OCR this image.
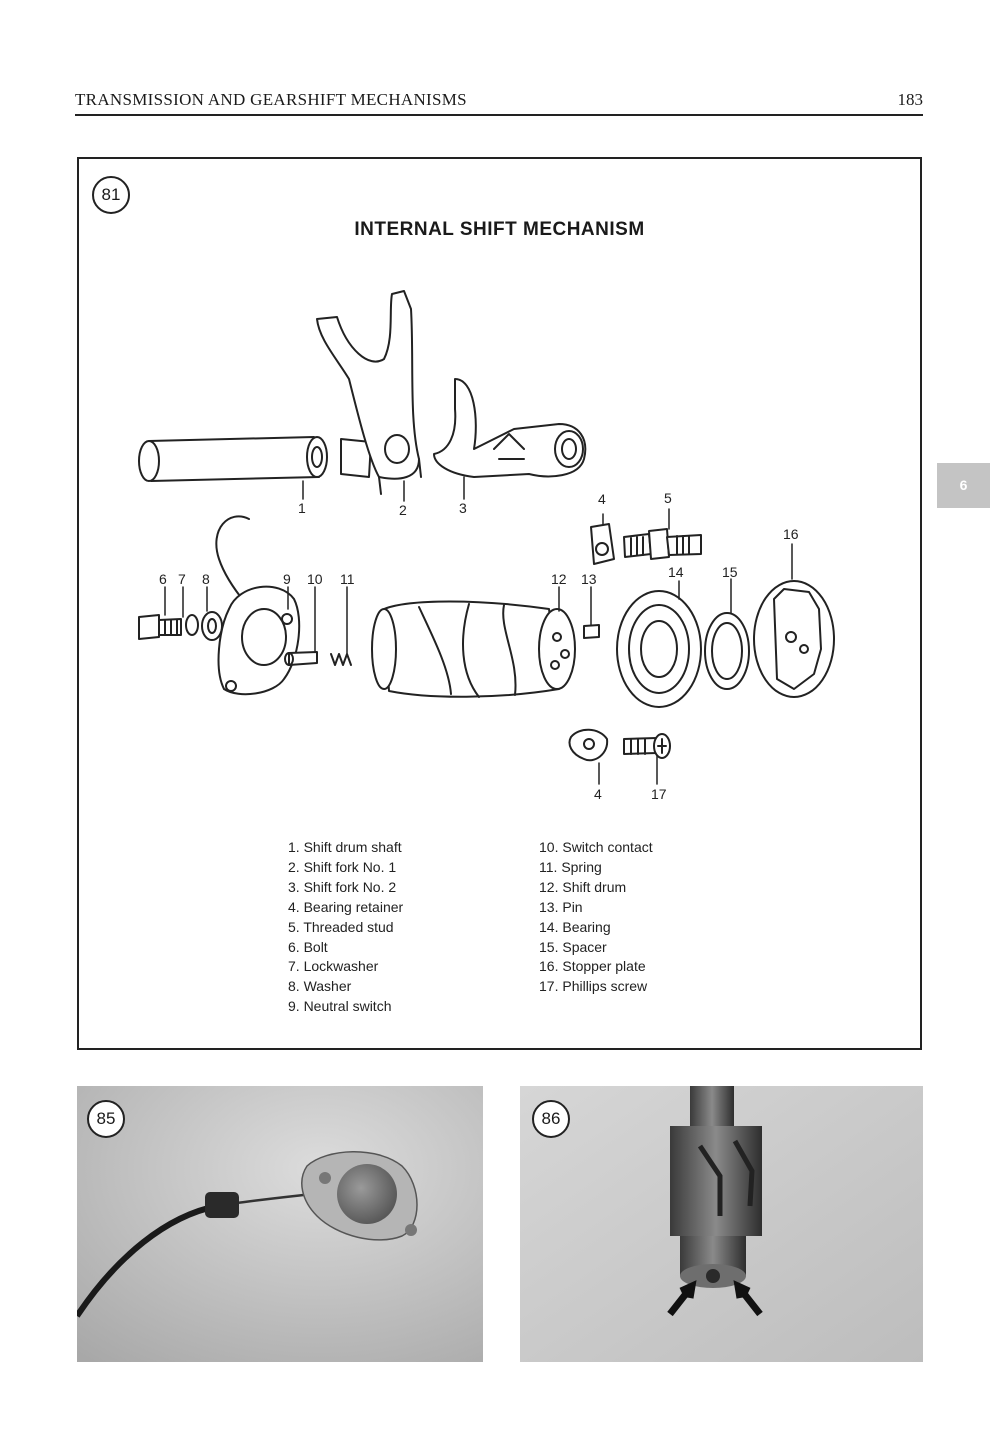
TRANSMISSION AND GEARSHIFT MECHANISMS	183
6
81
INTERNAL SHIFT MECHANISM
1	2	3
4	5
6 7 8	9 10 11	12 13	14	15
16
4	17
1. Shift drum shaft
2. Shift fork No. 1
3. Shift fork No. 2
4. Bearing retainer
5. Threaded stud
6. Bolt
7. Lockwasher
8. Washer
9. Neutral switch
10. Switch contact
11. Spring
12. Shift drum
13. Pin
14. Bearing
15. Spacer
16. Stopper plate
17. Phillips screw
85	86
